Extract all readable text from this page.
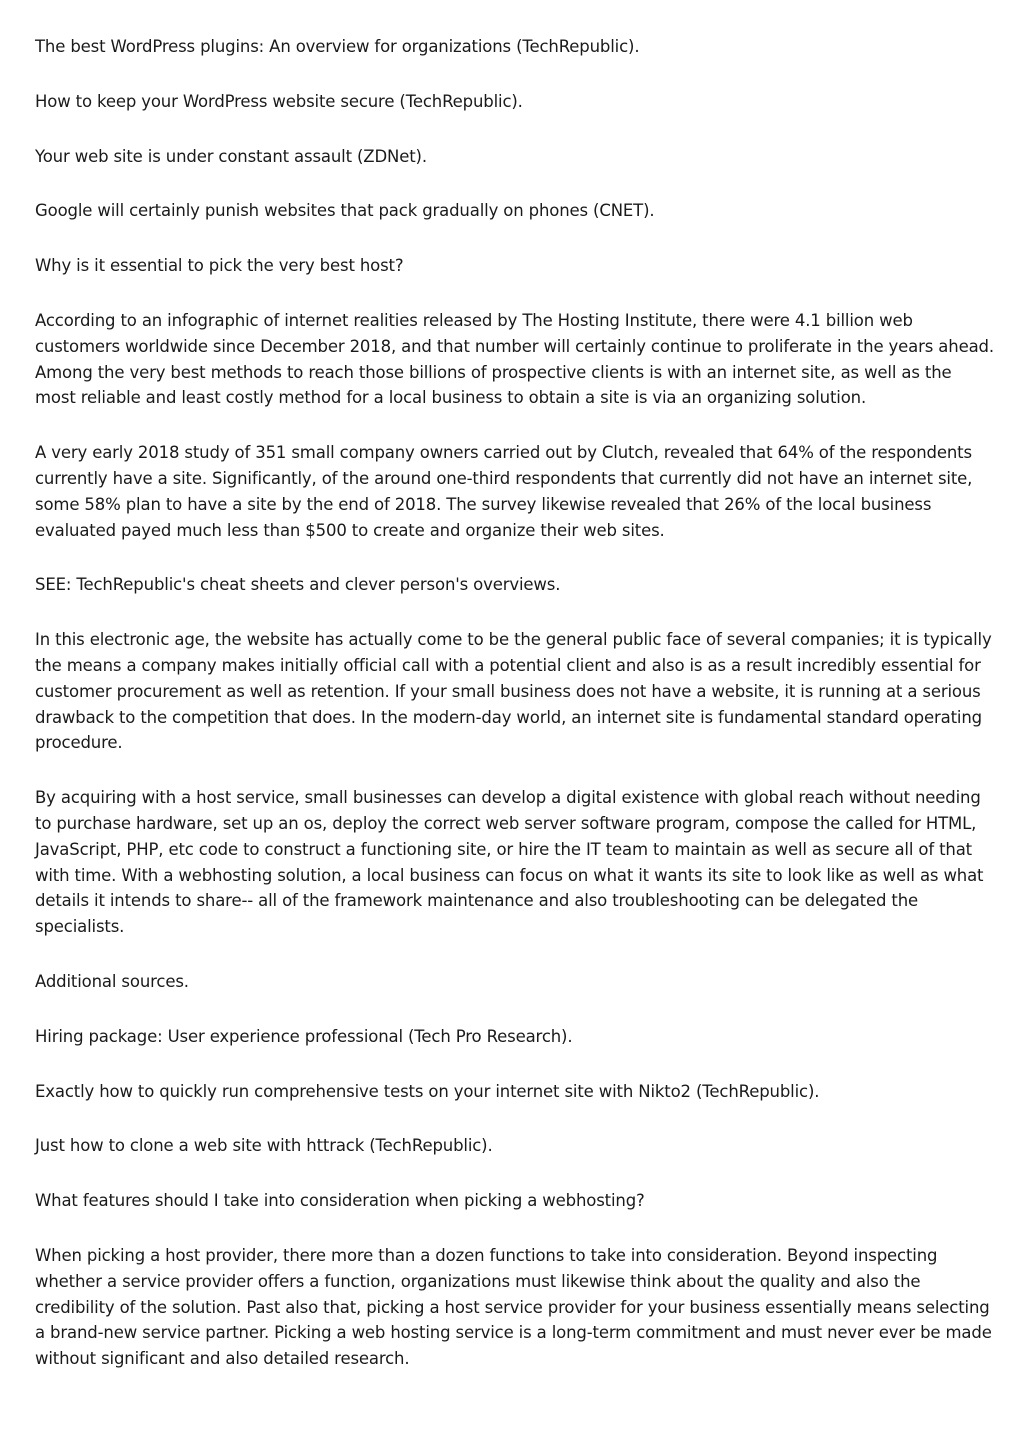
The best WordPress plugins: An overview for organizations (TechRepublic).

How to keep your WordPress website secure (TechRepublic).

Your web site is under constant assault (ZDNet).

Google will certainly punish websites that pack gradually on phones (CNET).

Why is it essential to pick the very best host?

According to an infographic of internet realities released by The Hosting Institute, there were 4.1 billion web customers worldwide since December 2018, and that number will certainly continue to proliferate in the years ahead. Among the very best methods to reach those billions of prospective clients is with an internet site, as well as the most reliable and least costly method for a local business to obtain a site is via an organizing solution.

A very early 2018 study of 351 small company owners carried out by Clutch, revealed that 64% of the respondents currently have a site. Significantly, of the around one-third respondents that currently did not have an internet site, some 58% plan to have a site by the end of 2018. The survey likewise revealed that 26% of the local business evaluated payed much less than $500 to create and organize their web sites.

SEE: TechRepublic's cheat sheets and clever person's overviews.

In this electronic age, the website has actually come to be the general public face of several companies; it is typically the means a company makes initially official call with a potential client and also is as a result incredibly essential for customer procurement as well as retention. If your small business does not have a website, it is running at a serious drawback to the competition that does. In the modern-day world, an internet site is fundamental standard operating procedure.

By acquiring with a host service, small businesses can develop a digital existence with global reach without needing to purchase hardware, set up an os, deploy the correct web server software program, compose the called for HTML, JavaScript, PHP, etc code to construct a functioning site, or hire the IT team to maintain as well as secure all of that with time. With a webhosting solution, a local business can focus on what it wants its site to look like as well as what details it intends to share-- all of the framework maintenance and also troubleshooting can be delegated the specialists.

Additional sources.

Hiring package: User experience professional (Tech Pro Research).

Exactly how to quickly run comprehensive tests on your internet site with Nikto2 (TechRepublic).

Just how to clone a web site with httrack (TechRepublic).

What features should I take into consideration when picking a webhosting?

When picking a host provider, there more than a dozen functions to take into consideration. Beyond inspecting whether a service provider offers a function, organizations must likewise think about the quality and also the credibility of the solution. Past also that, picking a host service provider for your business essentially means selecting a brand-new service partner. Picking a web hosting service is a long-term commitment and must never ever be made without significant and also detailed research.
